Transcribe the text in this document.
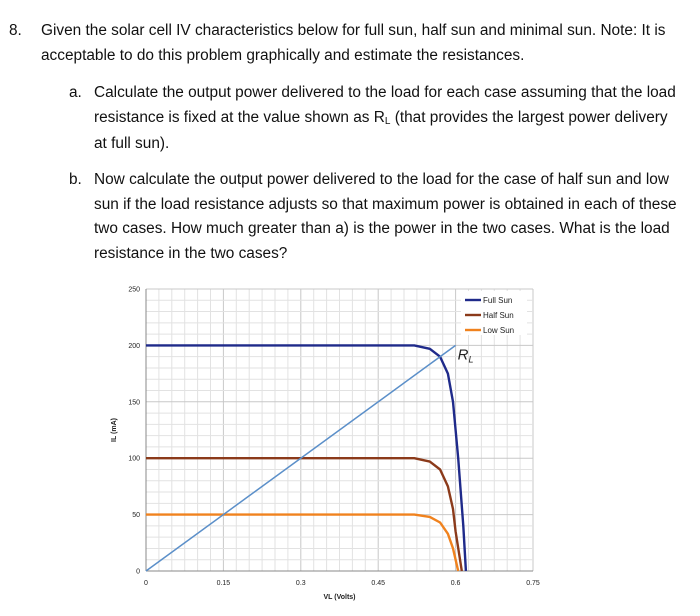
8. Given the solar cell IV characteristics below for full sun, half sun and minimal sun. Note: It is acceptable to do this problem graphically and estimate the resistances.
a. Calculate the output power delivered to the load for each case assuming that the load resistance is fixed at the value shown as RL (that provides the largest power delivery at full sun).
b. Now calculate the output power delivered to the load for the case of half sun and low sun if the load resistance adjusts so that maximum power is obtained in each of these two cases. How much greater than a) is the power in the two cases. What is the load resistance in the two cases?
0	0.15	0.3	0.45	0.6	0.75
0
50
100
150
200
250
VL (Volts)
IL (mA)
$R_L$
Full Sun
Half Sun
Low Sun
